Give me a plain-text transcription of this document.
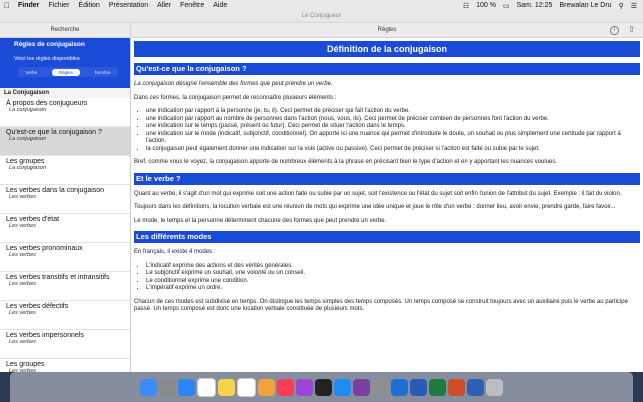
Finder Fichier Édition Présentation Aller Fenêtre Aide	☷ 100 % ▭ Sam. 12:25 Brewalan Le Dru ⚲ ☰
Le Conjugueur
Recherche	Règles	i	⇧
Règles de conjugaison
Voici les règles disponibles
Verbe	Règles	Nombre
La Conjugaison
À propos des conjugueurs
La conjugaison
Qu'est-ce que la conjugaison ?
La conjugaison
Les groupes
La conjugaison
Les verbes dans la conjugaison
Les verbes
Les verbes d'état
Les verbes
Les verbes pronominaux
Les verbes
Les verbes transitifs et intransitifs
Les verbes
Les verbes défectifs
Les verbes
Les verbes impersonnels
Les verbes
Les groupes
Les verbes
Définition de la conjugaison
Qu'est-ce que la conjugaison ?

La conjugaison désigne l'ensemble des formes que peut prendre un verbe.

Dans ces formes, la conjugaison permet de reconnaître plusieurs éléments :

• une indication par rapport à la personne (je, tu, il). Ceci permet de préciser qui fait l'action du verbe.
• une indication par rapport au nombre de personnes dans l'action (nous, vous, ils). Ceci permet de préciser combien de personnes font l'action du verbe.
• une indication sur le temps (passé, présent ou futur). Ceci permet de situer l'action dans le temps.
• une indication sur le mode (indicatif, subjonctif, conditionnel). On apporte ici une nuance qui permet d'introduire le doute, un souhait ou plus simplement une certitude par rapport à l'action.
• la conjugaison peut également donner une indication sur la voix (active ou passive). Ceci permet de préciser si l'action est faite ou subie par le sujet.

Bref, comme vous le voyez, la conjugaison apporte de nombreux éléments à la phrase en précisant bien le type d'action et en y apportant les nuances voulues.

Et le verbe ?

Quant au verbe, il s'agit d'un mot qui exprime soit une action faite ou subie par un sujet, soit l'existence ou l'état du sujet soit enfin l'union de l'attribut du sujet. Exemple : il fait du violon.

Toujours dans les définitions, la locution verbale est une réunion de mots qui exprime une idée unique et joue le rôle d'un verbe : donner lieu, avoir envie, prendre garde, faire favoir...

Le mode, le temps et la personne déterminent chacune des formes que peut prendre un verbe.

Les différents modes

En français, il existe 4 modes :

• L'indicatif exprime des actions et des vérités générales.
• Le subjonctif exprime un souhait, une volonté ou un conseil.
• Le conditionnel exprime une condition.
• L'impératif exprime un ordre.

Chacun de ces modes est subdivisé en temps. On distingue les temps simples des temps composés. Un temps composé se construit toujours avec un auxiliaire puis le verbe au participe passé. Un temps composé est donc une location verbale constituée de plusieurs mots.
